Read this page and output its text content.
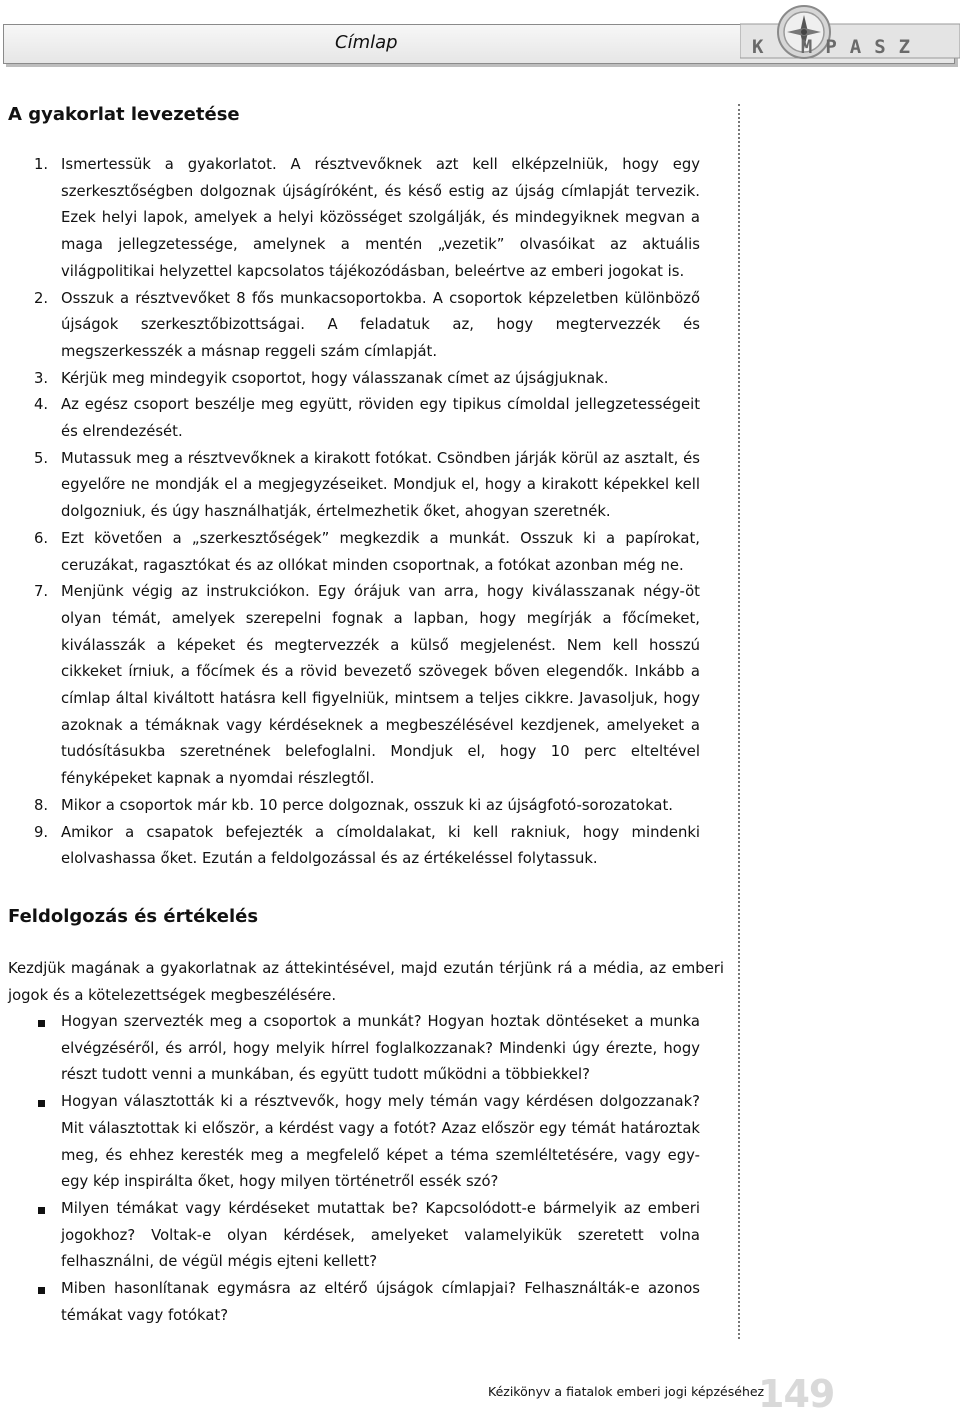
Címlap	K MPASZ
A gyakorlat levezetése
1. Ismertessük a gyakorlatot. A résztvevőknek azt kell elképzelniük, hogy egy szerkesztőségben dolgoznak újságíróként, és késő estig az újság címlapját tervezik. Ezek helyi lapok, amelyek a helyi közösséget szolgálják, és mindegyiknek megvan a maga jellegzetessége, amelynek a mentén „vezetik” olvasóikat az aktuális világpolitikai helyzettel kapcsolatos tájékozódásban, beleértve az emberi jogokat is.
2. Osszuk a résztvevőket 8 fős munkacsoportokba. A csoportok képzeletben különböző újságok szerkesztőbizottságai. A feladatuk az, hogy megtervezzék és megszerkesszék a másnap reggeli szám címlapját.
3. Kérjük meg mindegyik csoportot, hogy válasszanak címet az újságjuknak.
4. Az egész csoport beszélje meg együtt, röviden egy tipikus címoldal jellegzetességeit és elrendezését.
5. Mutassuk meg a résztvevőknek a kirakott fotókat. Csöndben járják körül az asztalt, és egyelőre ne mondják el a megjegyzéseiket. Mondjuk el, hogy a kirakott képekkel kell dolgozniuk, és úgy használhatják, értelmezhetik őket, ahogyan szeretnék.
6. Ezt követően a „szerkesztőségek” megkezdik a munkát. Osszuk ki a papírokat, ceruzákat, ragasztókat és az ollókat minden csoportnak, a fotókat azonban még ne.
7. Menjünk végig az instrukciókon. Egy órájuk van arra, hogy kiválasszanak négy-öt olyan témát, amelyek szerepelni fognak a lapban, hogy megírják a főcímeket, kiválasszák a képeket és megtervezzék a külső megjelenést. Nem kell hosszú cikkeket írniuk, a főcímek és a rövid bevezető szövegek bőven elegendők. Inkább a címlap által kiváltott hatásra kell figyelniük, mintsem a teljes cikkre. Javasoljuk, hogy azoknak a témáknak vagy kérdéseknek a megbeszélésével kezdjenek, amelyeket a tudósításukba szeretnének belefoglalni. Mondjuk el, hogy 10 perc elteltével fényképeket kapnak a nyomdai részlegtől.
8. Mikor a csoportok már kb. 10 perce dolgoznak, osszuk ki az újságfotó-sorozatokat.
9. Amikor a csapatok befejezték a címoldalakat, ki kell rakniuk, hogy mindenki elolvashassa őket. Ezután a feldolgozással és az értékeléssel folytassuk.
Feldolgozás és értékelés

Kezdjük magának a gyakorlatnak az áttekintésével, majd ezután térjünk rá a média, az emberi jogok és a kötelezettségek megbeszélésére.

Hogyan szervezték meg a csoportok a munkát? Hogyan hoztak döntéseket a munka elvégzéséről, és arról, hogy melyik hírrel foglalkozzanak? Mindenki úgy érezte, hogy részt tudott venni a munkában, és együtt tudott működni a többiekkel?
Hogyan választották ki a résztvevők, hogy mely témán vagy kérdésen dolgozzanak? Mit választottak ki először, a kérdést vagy a fotót? Azaz először egy témát határoztak meg, és ehhez keresték meg a megfelelő képet a téma szemléltetésére, vagy egy-egy kép inspirálta őket, hogy milyen történetről essék szó?
Milyen témákat vagy kérdéseket mutattak be? Kapcsolódott-e bármelyik az emberi jogokhoz? Voltak-e olyan kérdések, amelyeket valamelyikük szeretett volna felhasználni, de végül mégis ejteni kellett?
Miben hasonlítanak egymásra az eltérő újságok címlapjai? Felhasználták-e azonos témákat vagy fotókat?
Kézikönyv a fiatalok emberi jogi képzéséhez
149
